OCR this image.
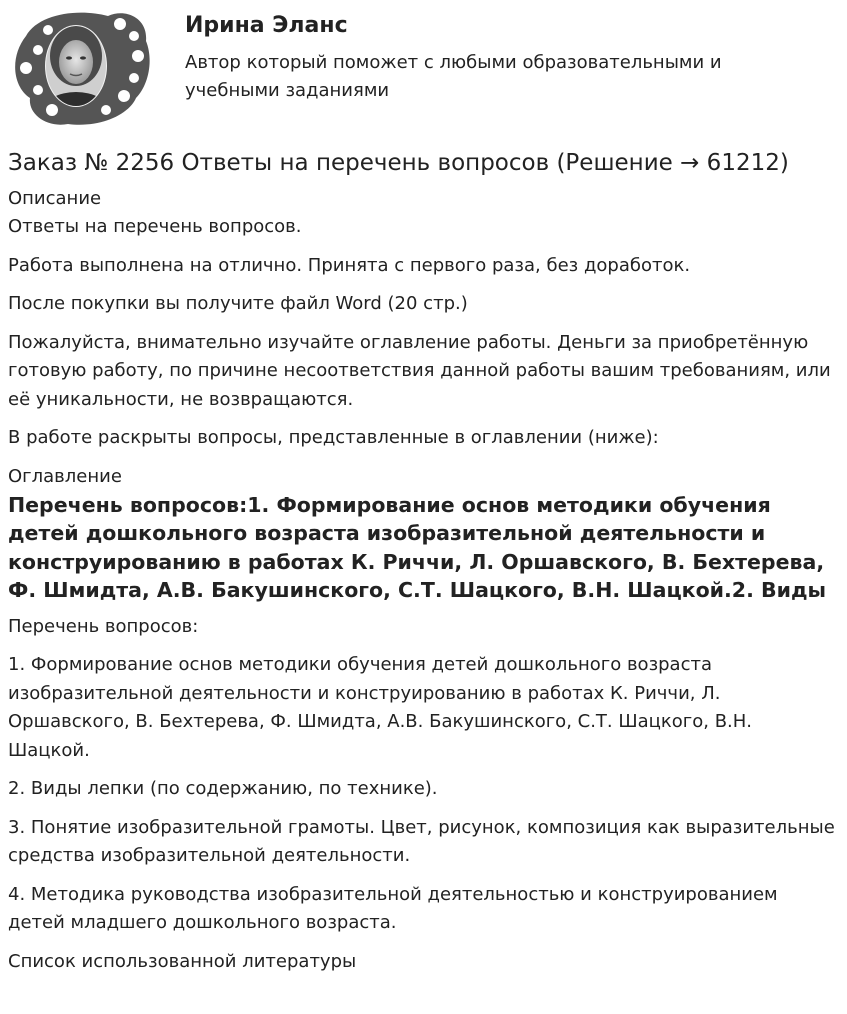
Ирина Эланс
Автор который поможет с любыми образовательными и учебными заданиями
Заказ № 2256 Ответы на перечень вопросов (Решение → 61212)
Описание

Ответы на перечень вопросов.

Работа выполнена на отлично. Принята с первого раза, без доработок.

После покупки вы получите файл Word (20 стр.)

Пожалуйста, внимательно изучайте оглавление работы. Деньги за приобретённую готовую работу, по причине несоответствия данной работы вашим требованиям, или её уникальности, не возвращаются.

В работе раскрыты вопросы, представленные в оглавлении (ниже):

Оглавление
Перечень вопросов:1. Формирование основ методики обучения детей дошкольного возраста изобразительной деятельности и конструированию в работах К. Риччи, Л. Оршавского, В. Бехтерева, Ф. Шмидта, А.В. Бакушинского, С.Т. Шацкого, В.Н. Шацкой.2. Виды

Перечень вопросов:

1. Формирование основ методики обучения детей дошкольного возраста изобразительной деятельности и конструированию в работах К. Риччи, Л. Оршавского, В. Бехтерева, Ф. Шмидта, А.В. Бакушинского, С.Т. Шацкого, В.Н. Шацкой.

2. Виды лепки (по содержанию, по технике).

3. Понятие изобразительной грамоты. Цвет, рисунок, композиция как выразительные средства изобразительной деятельности.

4. Методика руководства изобразительной деятельностью и конструированием детей младшего дошкольного возраста.

Список использованной литературы
